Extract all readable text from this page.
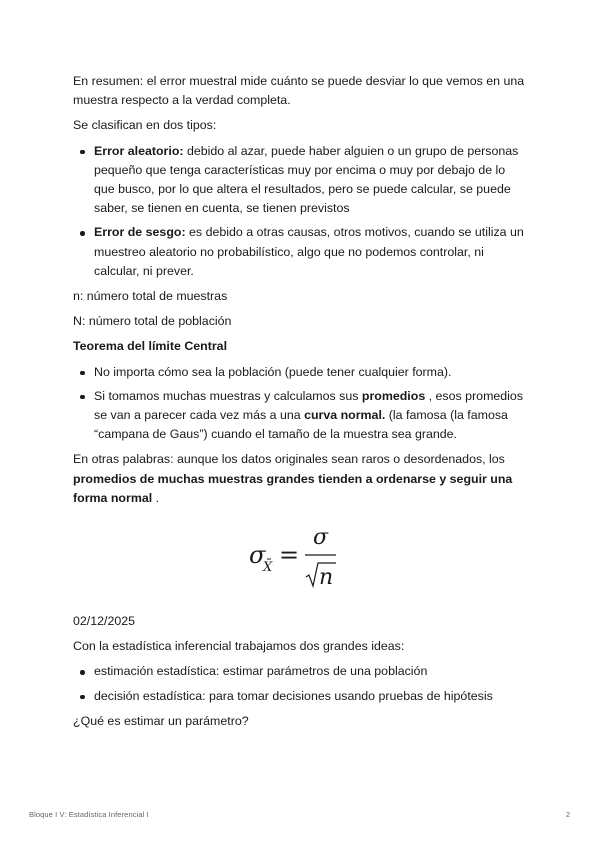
En resumen: el error muestral mide cuánto se puede desviar lo que vemos en una muestra respecto a la verdad completa.

Se clasifican en dos tipos:

Error aleatorio: debido al azar, puede haber alguien o un grupo de personas pequeño que tenga características muy por encima o muy por debajo de lo que busco, por lo que altera el resultados, pero se puede calcular, se puede saber, se tienen en cuenta, se tienen previstos
Error de sesgo: es debido a otras causas, otros motivos, cuando se utiliza un muestreo aleatorio no probabilístico, algo que no podemos controlar, ni calcular, ni prever.

n: número total de muestras

N: número total de población

Teorema del límite Central

No importa cómo sea la población (puede tener cualquier forma).
Si tomamos muchas muestras y calculamos sus promedios , esos promedios se van a parecer cada vez más a una curva normal. (la famosa (la famosa “campana de Gaus”) cuando el tamaño de la muestra sea grande.

En otras palabras: aunque los datos originales sean raros o desordenados, los promedios de muchas muestras grandes tienden a ordenarse y seguir una forma normal .

σ
X̄ =
σ
n

02/12/2025

Con la estadística inferencial trabajamos dos grandes ideas:

estimación estadística: estimar parámetros de una población
decisión estadística: para tomar decisiones usando pruebas de hipótesis

¿Qué es estimar un parámetro?

Bloque I V: Estadística Inferencial I	2
